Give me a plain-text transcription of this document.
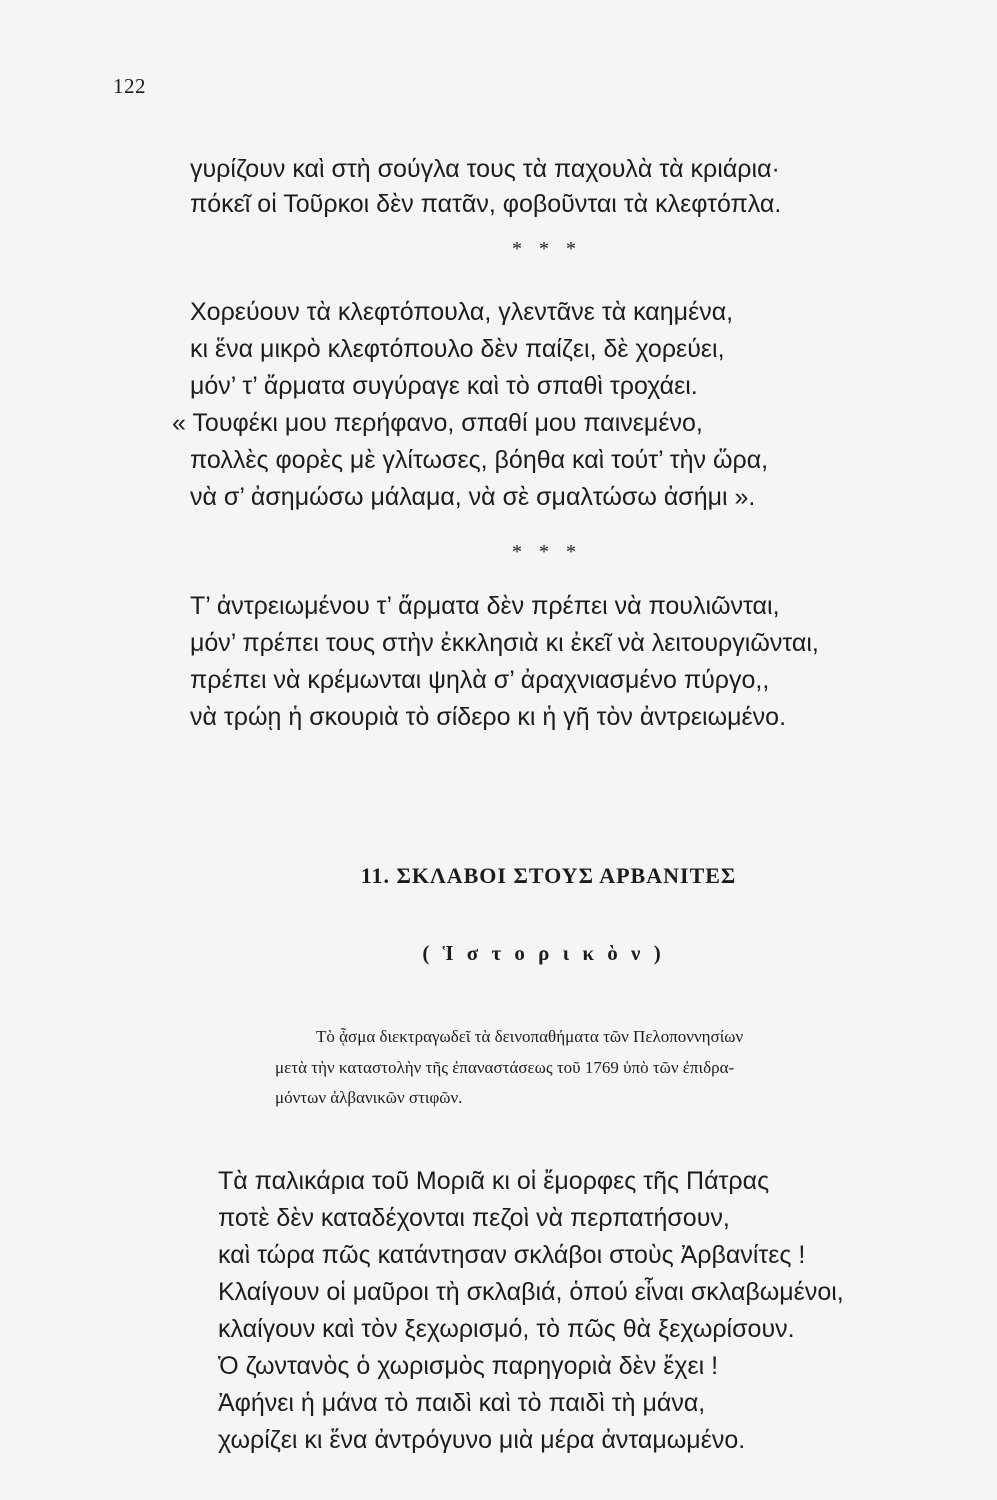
122
γυρίζουν καὶ στὴ σούγλα τους τὰ παχουλὰ τὰ κριάρια·
πόκεῖ οἱ Τοῦρκοι δὲν πατᾶν, φοβοῦνται τὰ κλεφτόπλα.
* * *
Χορεύουν τὰ κλεφτόπουλα, γλεντᾶνε τὰ καημένα,
κι ἕνα μικρὸ κλεφτόπουλο δὲν παίζει, δὲ χορεύει,
μόν’ τ’ ἄρματα συγύραγε καὶ τὸ σπαθὶ τροχάει.
« Τουφέκι μου περήφανο, σπαθί μου παινεμένο,
πολλὲς φορὲς μὲ γλίτωσες, βόηθα καὶ τούτ’ τὴν ὥρα,
νὰ σ’ ἀσημώσω μάλαμα, νὰ σὲ σμαλτώσω ἀσήμι ».
* * *
Τ’ ἀντρειωμένου τ’ ἄρματα δὲν πρέπει νὰ πουλιῶνται,
μόν’ πρέπει τους στὴν ἐκκλησιὰ κι ἐκεῖ νὰ λειτουργιῶνται,
πρέπει νὰ κρέμωνται ψηλὰ σ’ ἀραχνιασμένο πύργο,,
νὰ τρώῃ ἡ σκουριὰ τὸ σίδερο κι ἡ γῆ τὸν ἀντρειωμένο.
11. ΣΚΛΑΒΟΙ ΣΤΟΥΣ ΑΡΒΑΝΙΤΕΣ
( Ἱ σ τ ο ρ ι κ ὸ ν )
Τὸ ᾆσμα διεκτραγωδεῖ τὰ δεινοπαθήματα τῶν Πελοποννησίων
μετὰ τὴν καταστολὴν τῆς ἐπαναστάσεως τοῦ 1769 ὑπὸ τῶν ἐπιδρα-
μόντων ἀλβανικῶν στιφῶν.
Τὰ παλικάρια τοῦ Μοριᾶ κι οἱ ἔμορφες τῆς Πάτρας
ποτὲ δὲν καταδέχονται πεζοὶ νὰ περπατήσουν,
καὶ τώρα πῶς κατάντησαν σκλάβοι στοὺς Ἀρβανίτες !
Κλαίγουν οἱ μαῦροι τὴ σκλαβιά, ὁπού εἶναι σκλαβωμένοι,
κλαίγουν καὶ τὸν ξεχωρισμό, τὸ πῶς θὰ ξεχωρίσουν.
Ὁ ζωντανὸς ὁ χωρισμὸς παρηγοριὰ δὲν ἔχει !
Ἀφήνει ἡ μάνα τὸ παιδὶ καὶ τὸ παιδὶ τὴ μάνα,
χωρίζει κι ἕνα ἀντρόγυνο μιὰ μέρα ἀνταμωμένο.
